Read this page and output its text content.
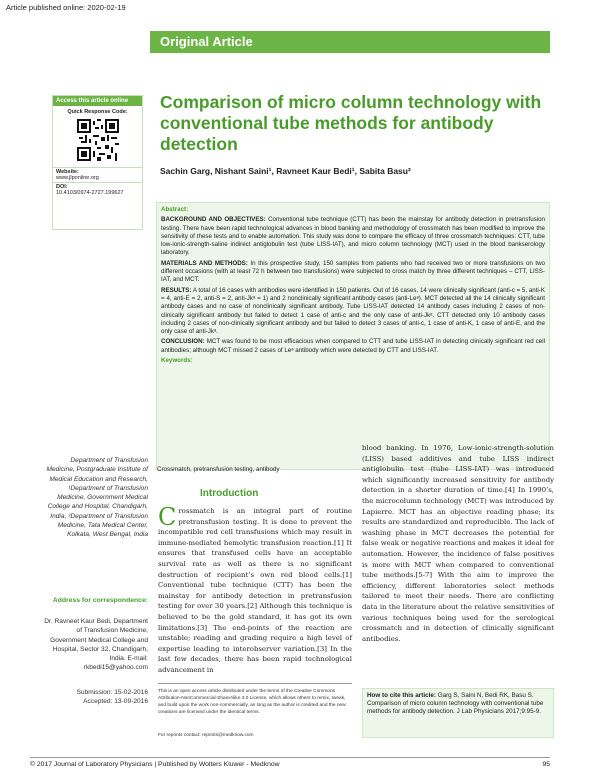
Article published online: 2020-02-19
Original Article
Access this article online
Quick Response Code:
Website:
www.jlponline.org
DOI:
10.4103/0974-2727.199627
Comparison of micro column technology with conventional tube methods for antibody detection
Sachin Garg, Nishant Saini¹, Ravneet Kaur Bedi¹, Sabita Basu²
Abstract:

BACKGROUND AND OBJECTIVES: Conventional tube technique (CTT) has been the mainstay for antibody detection in pretransfusion testing. There have been rapid technological advances in blood banking and methodology of crossmatch has been modified to improve the sensitivity of these tests and to enable automation. This study was done to compare the efficacy of three crossmatch techniques: CTT, tube low-ionic-strength-saline indirect antiglobulin test (tube LISS-IAT), and micro column technology (MCT) used in the blood bankserology laboratory.

MATERIALS AND METHODS: In this prospective study, 150 samples from patients who had received two or more transfusions on two different occasions (with at least 72 h between two transfusions) were subjected to cross match by three different techniques – CTT, LISS-IAT, and MCT.

RESULTS: A total of 16 cases with antibodies were identified in 150 patients. Out of 16 cases, 14 were clinically significant (anti-c = 5, anti-K = 4, anti-E = 2, anti-S = 2, anti-Jkᵃ = 1) and 2 nonclinically significant antibody cases (anti-Leᵃ). MCT detected all the 14 clinically significant antibody cases and no case of nonclinically significant antibody. Tube LISS-IAT detected 14 antibody cases including 2 cases of non-clinically significant antibody but failed to detect 1 case of anti-c and the only case of anti-Jkᵃ. CTT detected only 10 antibody cases including 2 cases of non-clinically significant antibody and but failed to detect 3 cases of anti-c, 1 case of anti-K, 1 case of anti-E, and the only case of anti-Jkᵃ.

CONCLUSION: MCT was found to be most efficacious when compared to CTT and tube LISS-IAT in detecting clinically significant red cell antibodies; although MCT missed 2 cases of Leᵃ antibody which were detected by CTT and LISS-IAT.

Keywords:
Crossmatch, pretransfusion testing, antibody
Department of Transfusion Medicine, Postgraduate Institute of Medical Education and Research, ¹Department of Transfusion Medicine, Government Medical College and Hospital, Chandigarh, India, ²Department of Transfusion Medicine, Tata Medical Center, Kolkata, West Bengal, India
Address for correspondence:
Dr. Ravneet Kaur Bedi, Department of Transfusion Medicine, Government Medical College and Hospital, Sector 32, Chandigarh, India. E-mail: rkbedi15@yahoo.com
Submission: 15-02-2016
Accepted: 13-09-2016
Introduction
Crossmatch is an integral part of routine pretransfusion testing. It is done to prevent the incompatible red cell transfusions which may result in immune-mediated hemolytic transfusion reaction.[1] It ensures that transfused cells have an acceptable survival rate as well as there is no significant destruction of recipient’s own red blood cells.[1] Conventional tube technique (CTT) has been the mainstay for antibody detection in pretransfusion testing for over 30 years.[2] Although this technique is believed to be the gold standard, it has got its own limitations.[3] The end-points of the reaction are unstable; reading and grading require a high level of expertise leading to interobserver variation.[3] In the last few decades, there has been rapid technological advancement in
blood banking. In 1976, Low-ionic-strength-solution (LISS) based additives and tube LISS indirect antiglobulin test (tube LISS-IAT) was introduced which significantly increased sensitivity for antibody detection in a shorter duration of time.[4] In 1990’s, the microcolumn technology (MCT) was introduced by Lapierre. MCT has an objective reading phase; its results are standardized and reproducible. The lack of washing phase in MCT decreases the potential for false weak or negative reactions and makes it ideal for automation. However, the incidence of false positives is more with MCT when compared to conventional tube methods.[5-7] With the aim to improve the efficiency, different laboratories select methods tailored to meet their needs. There are conflicting data in the literature about the relative sensitivities of various techniques being used for the serological crossmatch and in detection of clinically significant antibodies.
This is an open access article distributed under the terms of the Creative Commons Attribution-NonCommercial-ShareAlike 3.0 License, which allows others to remix, tweak, and build upon the work non-commercially, as long as the author is credited and the new creations are licensed under the identical terms.
For reprints contact: reprints@medknow.com
How to cite this article: Garg S, Saini N, Bedi RK, Basu S. Comparison of micro column technology with conventional tube methods for antibody detection. J Lab Physicians 2017;9:95-9.
© 2017 Journal of Laboratory Physicians | Published by Wolters Kluwer - Medknow	95
